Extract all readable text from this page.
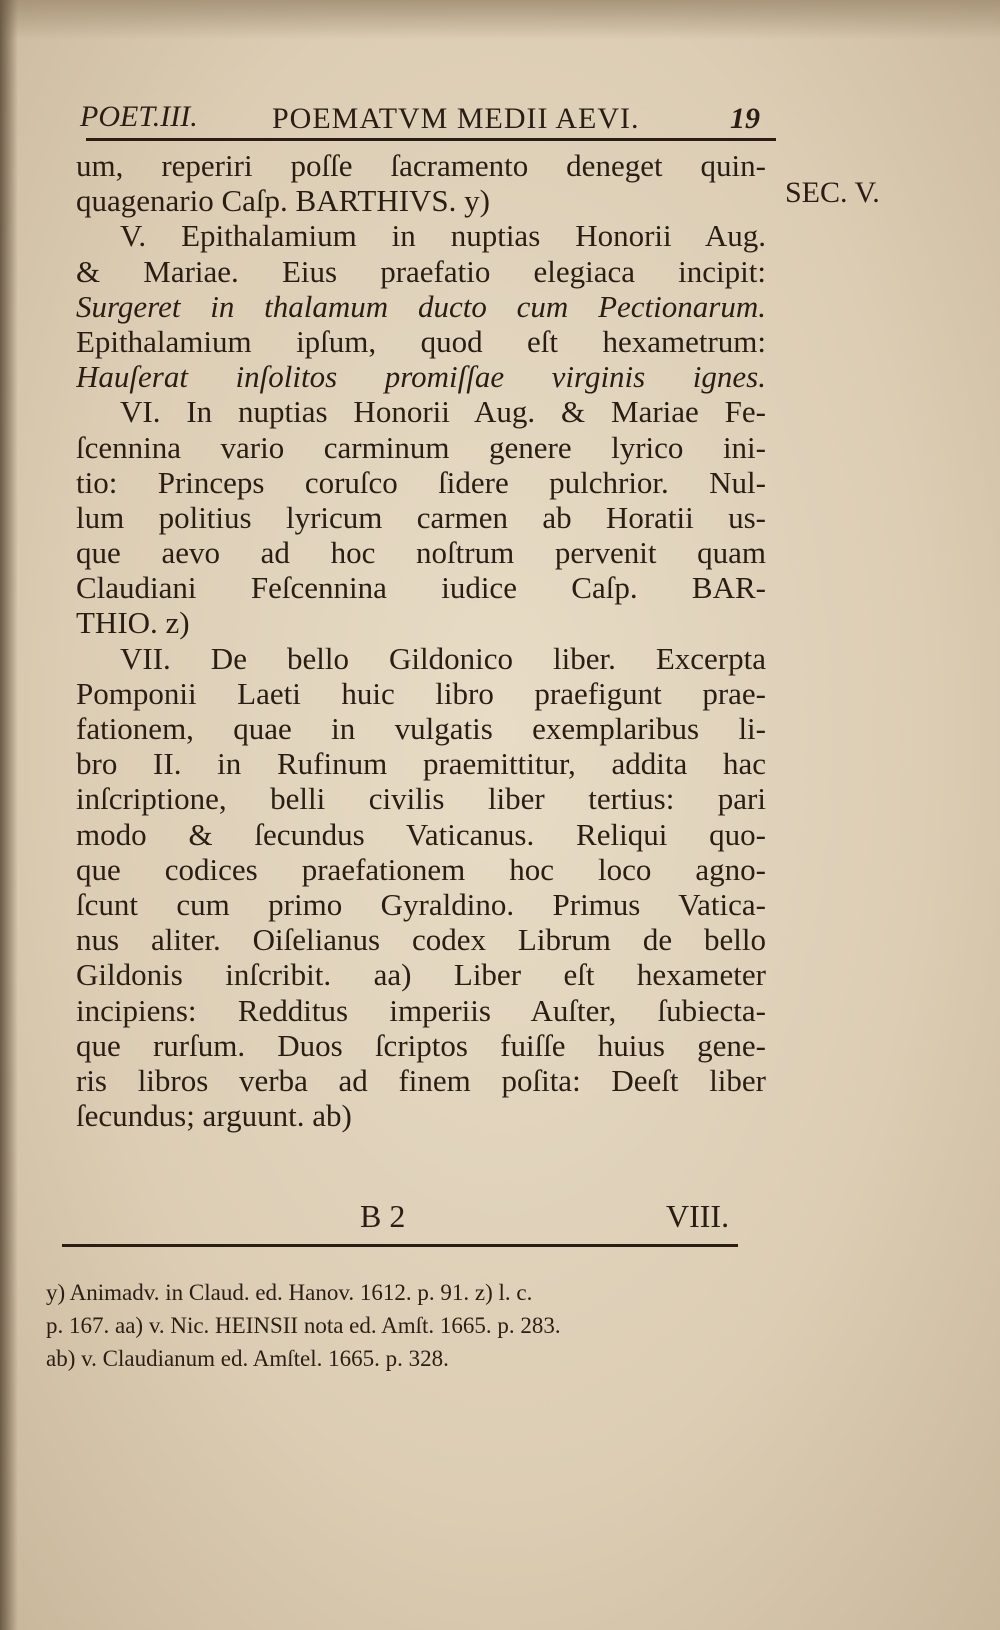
POET.III. POEMATVM MEDII AEVI.	19
SEC. V.
um, reperiri poſſe ſacramento deneget quin-
quagenario Caſp. BARTHIVS. y)
V. Epithalamium in nuptias Honorii Aug.
& Mariae. Eius praefatio elegiaca incipit:
Surgeret in thalamum ducto cum Pectionarum.
Epithalamium ipſum, quod eſt hexametrum:
Hauſerat inſolitos promiſſae virginis ignes.
VI. In nuptias Honorii Aug. & Mariae Fe-
ſcennina vario carminum genere lyrico ini-
tio: Princeps coruſco ſidere pulchrior. Nul-
lum politius lyricum carmen ab Horatii us-
que aevo ad hoc noſtrum pervenit quam
Claudiani Feſcennina iudice Caſp. BAR-
THIO. z)
VII. De bello Gildonico liber. Excerpta
Pomponii Laeti huic libro praefigunt prae-
fationem, quae in vulgatis exemplaribus li-
bro II. in Rufinum praemittitur, addita hac
inſcriptione, belli civilis liber tertius: pari
modo & ſecundus Vaticanus. Reliqui quo-
que codices praefationem hoc loco agno-
ſcunt cum primo Gyraldino. Primus Vatica-
nus aliter. Oiſelianus codex Librum de bello
Gildonis inſcribit. aa) Liber eſt hexameter
incipiens: Redditus imperiis Auſter, ſubiecta-
que rurſum. Duos ſcriptos fuiſſe huius gene-
ris libros verba ad finem poſita: Deeſt liber
ſecundus; arguunt. ab)
B 2	VIII.
y) Animadv. in Claud. ed. Hanov. 1612. p. 91. z) l. c.
p. 167. aa) v. Nic. HEINSII nota ed. Amſt. 1665. p. 283.
ab) v. Claudianum ed. Amſtel. 1665. p. 328.
